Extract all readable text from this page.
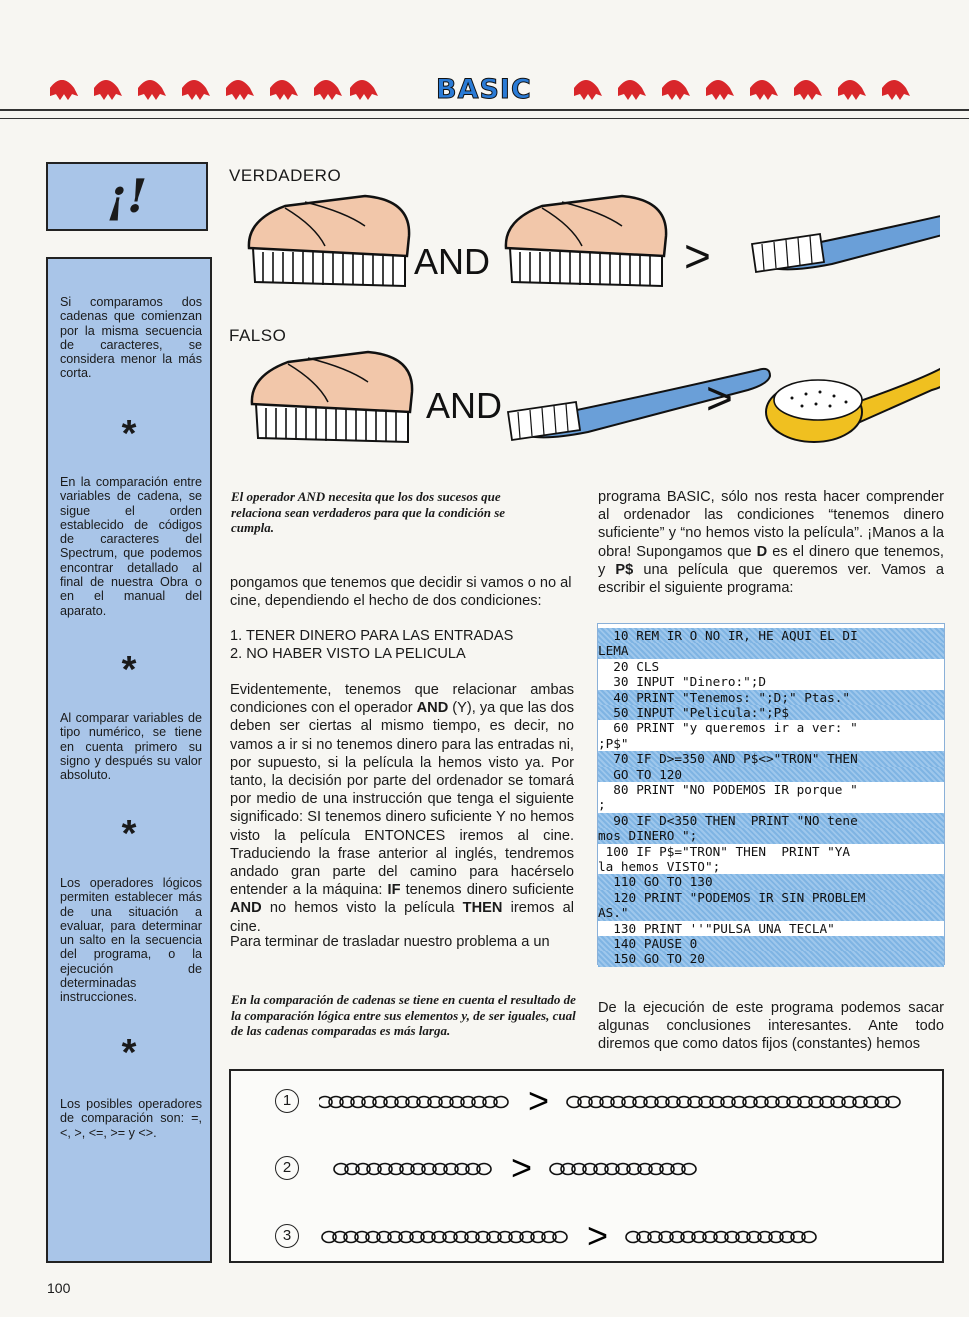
BASIC
¡!
Si comparamos dos cadenas que comienzan por la misma secuencia de caracteres, se considera menor la más corta.
*
En la comparación entre variables de cadena, se sigue el orden establecido de códigos de caracteres del Spectrum, que podemos encontrar detallado al final de nuestra Obra o en el manual del aparato.
*
Al comparar variables de tipo numérico, se tiene en cuenta primero su signo y después su valor absoluto.
*
Los operadores lógicos permiten establecer más de una situación a evaluar, para determinar un salto en la secuencia del programa, o la ejecución de determinadas instrucciones.
*
Los posibles operadores de comparación son: =, <, >, <=, >= y <>.
VERDADERO
FALSO
AND	>
AND	>
El operador AND necesita que los dos sucesos que relaciona sean verdaderos para que la condición se cumpla.
pongamos que tenemos que decidir si vamos o no al cine, dependiendo el hecho de dos condiciones:
1. TENER DINERO PARA LAS ENTRADAS
2. NO HABER VISTO LA PELICULA
Evidentemente, tenemos que relacionar ambas condiciones con el operador AND (Y), ya que las dos deben ser ciertas al mismo tiempo, es decir, no vamos a ir si no tenemos dinero para las entradas ni, por supuesto, si la película la hemos visto ya. Por tanto, la decisión por parte del ordenador se tomará por medio de una instrucción que tenga el siguiente significado: SI tenemos dinero suficiente Y no hemos visto la película ENTONCES iremos al cine. Traduciendo la frase anterior al inglés, tendremos andado gran parte del camino para hacérselo entender a la máquina: IF tenemos dinero suficiente AND no hemos visto la película THEN iremos al cine.
Para terminar de trasladar nuestro problema a un
En la comparación de cadenas se tiene en cuenta el resultado de la comparación lógica entre sus elementos y, de ser iguales, cual de las cadenas comparadas es más larga.
programa BASIC, sólo nos resta hacer comprender al ordenador las condiciones “tenemos dinero suficiente” y “no hemos visto la película”. ¡Manos a la obra! Supongamos que D es el dinero que tenemos, y P$ una película que queremos ver. Vamos a escribir el siguiente programa:
10 REM IR O NO IR, HE AQUI EL DI
LEMA
20 CLS
30 INPUT "Dinero:";D
40 PRINT "Tenemos: ";D;" Ptas."
50 INPUT "Pelicula:";P$
60 PRINT "y queremos ir a ver: "
;P$"
70 IF D>=350 AND P$<>"TRON" THEN
GO TO 120
80 PRINT "NO PODEMOS IR porque "
;
90 IF D<350 THEN  PRINT "NO tene
mos DINERO ";
100 IF P$="TRON" THEN  PRINT "YA
la hemos VISTO";
110 GO TO 130
120 PRINT "PODEMOS IR SIN PROBLEM
AS."
130 PRINT ''"PULSA UNA TECLA"
140 PAUSE 0
150 GO TO 20
De la ejecución de este programa podemos sacar algunas conclusiones interesantes. Ante todo diremos que como datos fijos (constantes) hemos
1	>
2	>
3	>
100
